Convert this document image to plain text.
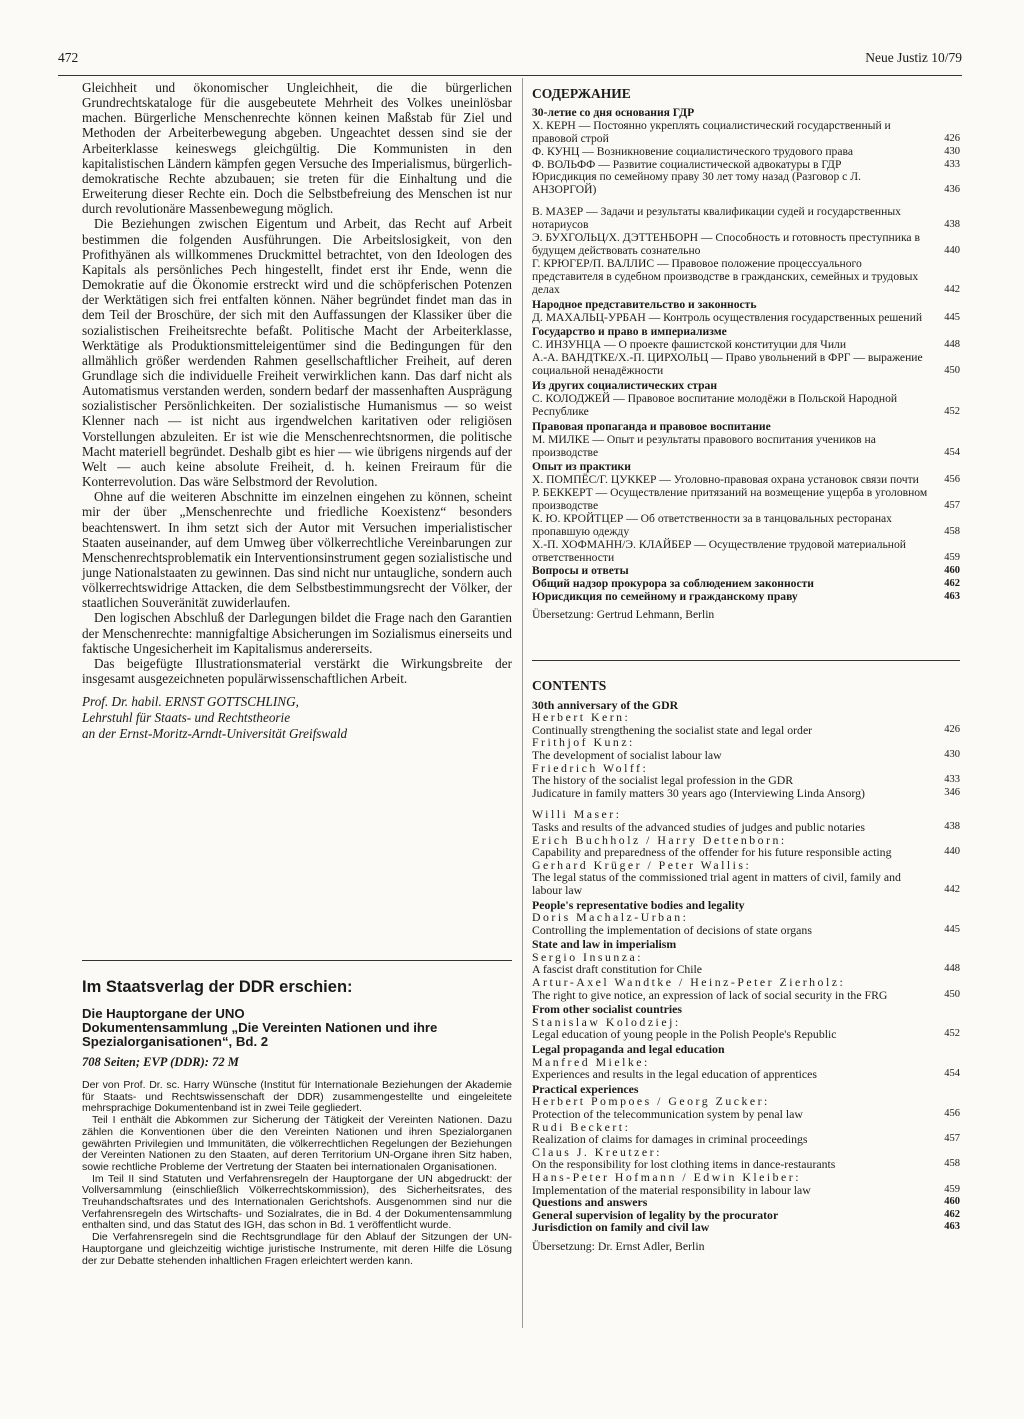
472	Neue Justiz 10/79

Gleichheit und ökonomischer Ungleichheit, die die bürgerlichen Grundrechtskataloge für die ausgebeutete Mehrheit des Volkes uneinlösbar machen. Bürgerliche Menschenrechte können keinen Maßstab für Ziel und Methoden der Arbeiterbewegung abgeben. Ungeachtet dessen sind sie der Arbeiterklasse keineswegs gleichgültig. Die Kommunisten in den kapitalistischen Ländern kämpfen gegen Versuche des Imperialismus, bürgerlich-demokratische Rechte abzubauen; sie treten für die Einhaltung und die Erweiterung dieser Rechte ein. Doch die Selbstbefreiung des Menschen ist nur durch revolutionäre Massenbewegung möglich.

Die Beziehungen zwischen Eigentum und Arbeit, das Recht auf Arbeit bestimmen die folgenden Ausführungen. Die Arbeitslosigkeit, von den Profithyänen als willkommenes Druckmittel betrachtet, von den Ideologen des Kapitals als persönliches Pech hingestellt, findet erst ihr Ende, wenn die Demokratie auf die Ökonomie erstreckt wird und die schöpferischen Potenzen der Werktätigen sich frei entfalten können. Näher begründet findet man das in dem Teil der Broschüre, der sich mit den Auffassungen der Klassiker über die sozialistischen Freiheitsrechte befaßt. Politische Macht der Arbeiterklasse, Werktätige als Produktionsmitteleigentümer sind die Bedingungen für den allmählich größer werdenden Rahmen gesellschaftlicher Freiheit, auf deren Grundlage sich die individuelle Freiheit verwirklichen kann. Das darf nicht als Automatismus verstanden werden, sondern bedarf der massenhaften Ausprägung sozialistischer Persönlichkeiten. Der sozialistische Humanismus — so weist Klenner nach — ist nicht aus irgendwelchen karitativen oder religiösen Vorstellungen abzuleiten. Er ist wie die Menschenrechtsnormen, die politische Macht materiell begründet. Deshalb gibt es hier — wie übrigens nirgends auf der Welt — auch keine absolute Freiheit, d. h. keinen Freiraum für die Konterrevolution. Das wäre Selbstmord der Revolution.

Ohne auf die weiteren Abschnitte im einzelnen eingehen zu können, scheint mir der über „Menschenrechte und friedliche Koexistenz“ besonders beachtenswert. In ihm setzt sich der Autor mit Versuchen imperialistischer Staaten auseinander, auf dem Umweg über völkerrechtliche Vereinbarungen zur Menschenrechtsproblematik ein Interventionsinstrument gegen sozialistische und junge Nationalstaaten zu gewinnen. Das sind nicht nur untaugliche, sondern auch völkerrechtswidrige Attacken, die dem Selbstbestimmungsrecht der Völker, der staatlichen Souveränität zuwiderlaufen.

Den logischen Abschluß der Darlegungen bildet die Frage nach den Garantien der Menschenrechte: mannigfaltige Absicherungen im Sozialismus einerseits und faktische Ungesicherheit im Kapitalismus andererseits.

Das beigefügte Illustrationsmaterial verstärkt die Wirkungsbreite der insgesamt ausgezeichneten populärwissenschaftlichen Arbeit.

Prof. Dr. habil. ERNST GOTTSCHLING,
Lehrstuhl für Staats- und Rechtstheorie
an der Ernst-Moritz-Arndt-Universität Greifswald
Im Staatsverlag der DDR erschien:
Die Hauptorgane der UNO
Dokumentensammlung „Die Vereinten Nationen und ihre Spezialorganisationen“, Bd. 2
708 Seiten; EVP (DDR): 72 M

Der von Prof. Dr. sc. Harry Wünsche (Institut für Internationale Beziehungen der Akademie für Staats- und Rechtswissenschaft der DDR) zusammengestellte und eingeleitete mehrsprachige Dokumentenband ist in zwei Teile gegliedert.

Teil I enthält die Abkommen zur Sicherung der Tätigkeit der Vereinten Nationen. Dazu zählen die Konventionen über die den Vereinten Nationen und ihren Spezialorganen gewährten Privilegien und Immunitäten, die völkerrechtlichen Regelungen der Beziehungen der Vereinten Nationen zu den Staaten, auf deren Territorium UN-Organe ihren Sitz haben, sowie rechtliche Probleme der Vertretung der Staaten bei internationalen Organisationen.

Im Teil II sind Statuten und Verfahrensregeln der Hauptorgane der UN abgedruckt: der Vollversammlung (einschließlich Völkerrechtskommission), des Sicherheitsrates, des Treuhandschaftsrates und des Internationalen Gerichtshofs. Ausgenommen sind nur die Verfahrensregeln des Wirtschafts- und Sozialrates, die in Bd. 4 der Dokumentensammlung enthalten sind, und das Statut des IGH, das schon in Bd. 1 veröffentlicht wurde.

Die Verfahrensregeln sind die Rechtsgrundlage für den Ablauf der Sitzungen der UN-Hauptorgane und gleichzeitig wichtige juristische Instrumente, mit deren Hilfe die Lösung der zur Debatte stehenden inhaltlichen Fragen erleichtert werden kann.

СОДЕРЖАНИЕ
30-летие со дня основания ГДР
Х. КЕРН — Постоянно укреплять социалистический государственный и правовой строй	426
Ф. КУНЦ — Возникновение социалистического трудового права	430
Ф. ВОЛЬФФ — Развитие социалистической адвокатуры в ГДР	433
Юрисдикция по семейному праву 30 лет тому назад (Разговор с Л. АНЗОРГОЙ)	436
В. МАЗЕР — Задачи и результаты квалификации судей и государственных нотариусов	438
Э. БУХГОЛЬЦ/Х. ДЭТТЕНБОРН — Способность и готовность преступника в будущем действовать сознательно	440
Г. КРЮГЕР/П. ВАЛЛИС — Правовое положение процессуального представителя в судебном производстве в гражданских, семейных и трудовых делах	442
Народное представительство и законность
Д. МАХАЛЬЦ-УРБАН — Контроль осуществления государственных решений	445
Государство и право в империализме
С. ИНЗУНЦА — О проекте фашистской конституции для Чили	448
А.-А. ВАНДТКЕ/Х.-П. ЦИРХОЛЬЦ — Право увольнений в ФРГ — выражение социальной ненадёжности	450
Из других социалистических стран
С. КОЛОДЖЕЙ — Правовое воспитание молодёжи в Польской Народной Республике	452
Правовая пропаганда и правовое воспитание
М. МИЛКЕ — Опыт и результаты правового воспитания учеников на производстве	454
Опыт из практики
Х. ПОМПЁС/Г. ЦУККЕР — Уголовно-правовая охрана установок связи почти	456
Р. БЕККЕРТ — Осуществление притязаний на возмещение ущерба в уголовном производстве	457
К. Ю. КРОЙТЦЕР — Об ответственности за в танцовальных ресторанах пропавшую одежду	458
Х.-П. ХОФМАНН/Э. КЛАЙБЕР — Осуществление трудовой материальной ответственности	459
Вопросы и ответы	460
Общий надзор прокурора за соблюдением законности	462
Юрисдикция по семейному и гражданскому праву	463
Übersetzung: Gertrud Lehmann, Berlin
CONTENTS
30th anniversary of the GDR
Herbert Kern:
Continually strengthening the socialist state and legal order	426
Frithjof Kunz:
The development of socialist labour law	430
Friedrich Wolff:
The history of the socialist legal profession in the GDR	433
Judicature in family matters 30 years ago (Interviewing Linda Ansorg)	346
Willi Maser:
Tasks and results of the advanced studies of judges and public notaries	438
Erich Buchholz / Harry Dettenborn:
Capability and preparedness of the offender for his future responsible acting	440
Gerhard Krüger / Peter Wallis:
The legal status of the commissioned trial agent in matters of civil, family and labour law	442
People's representative bodies and legality
Doris Machalz-Urban:
Controlling the implementation of decisions of state organs	445
State and law in imperialism
Sergio Insunza:
A fascist draft constitution for Chile	448
Artur-Axel Wandtke / Heinz-Peter Zierholz:
The right to give notice, an expression of lack of social security in the FRG	450
From other socialist countries
Stanislaw Kolodziej:
Legal education of young people in the Polish People's Republic	452
Legal propaganda and legal education
Manfred Mielke:
Experiences and results in the legal education of apprentices	454
Practical experiences
Herbert Pompoes / Georg Zucker:
Protection of the telecommunication system by penal law	456
Rudi Beckert:
Realization of claims for damages in criminal proceedings	457
Claus J. Kreutzer:
On the responsibility for lost clothing items in dance-restaurants	458
Hans-Peter Hofmann / Edwin Kleiber:
Implementation of the material responsibility in labour law	459
Questions and answers	460
General supervision of legality by the procurator	462
Jurisdiction on family and civil law	463
Übersetzung: Dr. Ernst Adler, Berlin
